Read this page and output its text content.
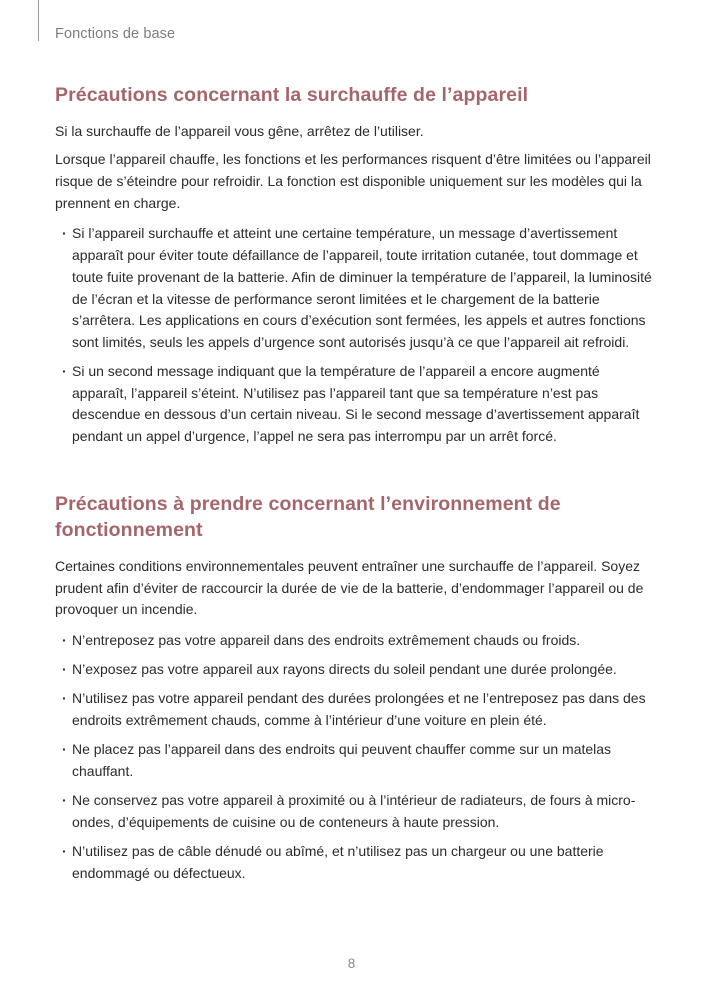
Fonctions de base
Précautions concernant la surchauffe de l’appareil

Si la surchauffe de l’appareil vous gêne, arrêtez de l’utiliser.

Lorsque l’appareil chauffe, les fonctions et les performances risquent d’être limitées ou l’appareil risque de s’éteindre pour refroidir. La fonction est disponible uniquement sur les modèles qui la prennent en charge.

·
Si l’appareil surchauffe et atteint une certaine température, un message d’avertissement apparaît pour éviter toute défaillance de l’appareil, toute irritation cutanée, tout dommage et toute fuite provenant de la batterie. Afin de diminuer la température de l’appareil, la luminosité de l’écran et la vitesse de performance seront limitées et le chargement de la batterie s’arrêtera. Les applications en cours d’exécution sont fermées, les appels et autres fonctions sont limités, seuls les appels d’urgence sont autorisés jusqu’à ce que l’appareil ait refroidi.
·
Si un second message indiquant que la température de l’appareil a encore augmenté apparaît, l’appareil s’éteint. N’utilisez pas l’appareil tant que sa température n’est pas descendue en dessous d’un certain niveau. Si le second message d’avertissement apparaît pendant un appel d’urgence, l’appel ne sera pas interrompu par un arrêt forcé.
Précautions à prendre concernant l’environnement de fonctionnement

Certaines conditions environnementales peuvent entraîner une surchauffe de l’appareil. Soyez prudent afin d’éviter de raccourcir la durée de vie de la batterie, d’endommager l’appareil ou de provoquer un incendie.

·
N’entreposez pas votre appareil dans des endroits extrêmement chauds ou froids.
·
N’exposez pas votre appareil aux rayons directs du soleil pendant une durée prolongée.
·
N’utilisez pas votre appareil pendant des durées prolongées et ne l’entreposez pas dans des endroits extrêmement chauds, comme à l’intérieur d’une voiture en plein été.
·
Ne placez pas l’appareil dans des endroits qui peuvent chauffer comme sur un matelas chauffant.
·
Ne conservez pas votre appareil à proximité ou à l’intérieur de radiateurs, de fours à micro-ondes, d’équipements de cuisine ou de conteneurs à haute pression.
·
N’utilisez pas de câble dénudé ou abîmé, et n’utilisez pas un chargeur ou une batterie endommagé ou défectueux.
8
